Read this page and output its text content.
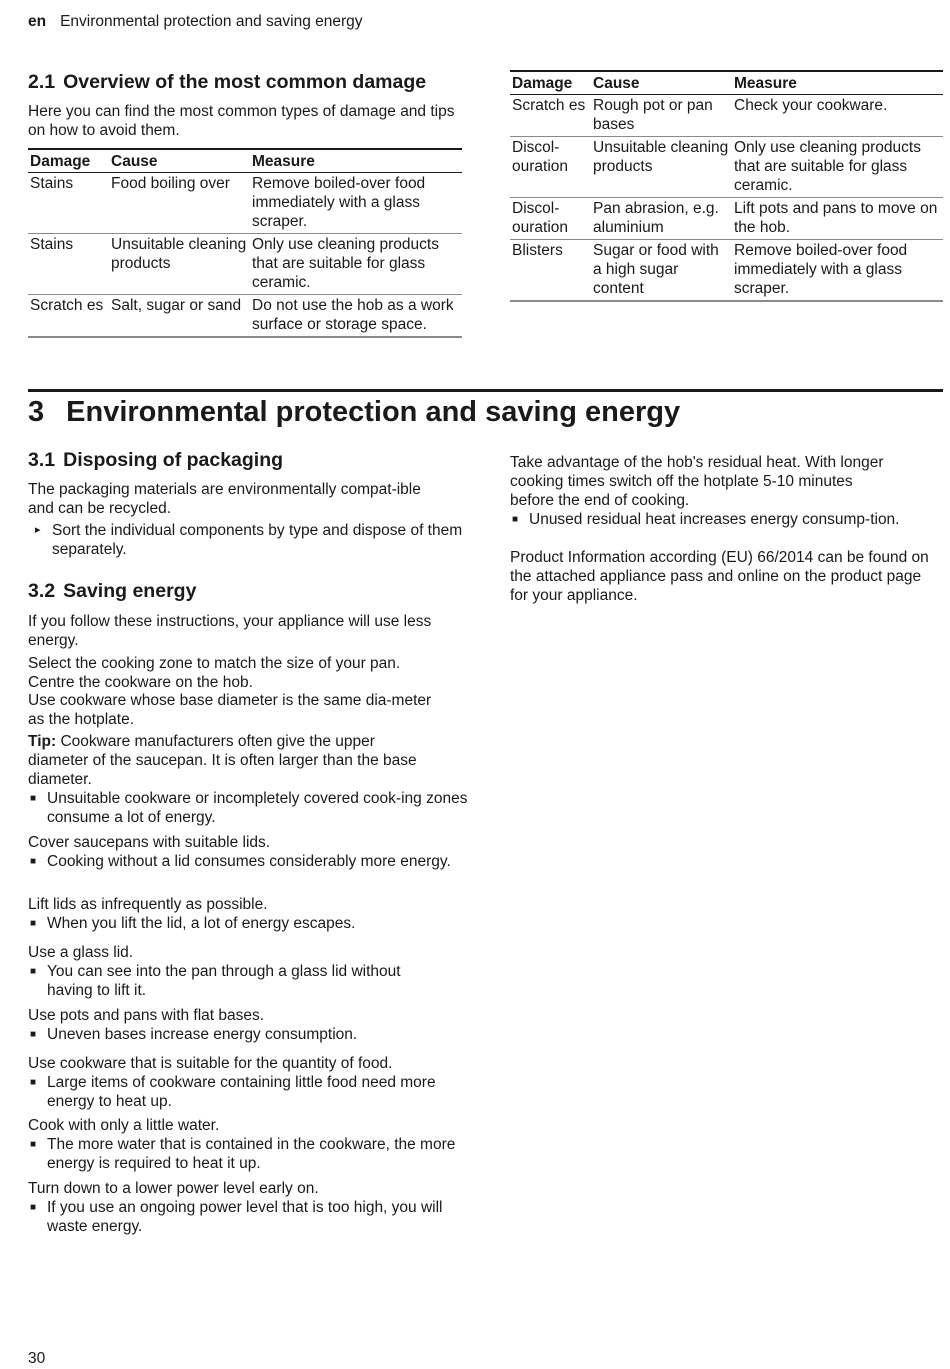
en Environmental protection and saving energy
2.1 Overview of the most common damage

Here you can find the most common types of damage and tips on how to avoid them.

Damage	Cause	Measure
Stains	Food boiling over	Remove boiled-over food immediately with a glass scraper.
Stains	Unsuitable cleaning products	Only use cleaning products that are suitable for glass ceramic.
Scratch es	Salt, sugar or sand	Do not use the hob as a work surface or storage space.
Damage	Cause	Measure
Scratch es	Rough pot or pan bases	Check your cookware.
Discol-ouration	Unsuitable cleaning products	Only use cleaning products that are suitable for glass ceramic.
Discol-ouration	Pan abrasion, e.g. aluminium	Lift pots and pans to move on the hob.
Blisters	Sugar or food with a high sugar content	Remove boiled-over food immediately with a glass scraper.
3 Environmental protection and saving energy
3.1 Disposing of packaging

The packaging materials are environmentally compat-ible and can be recycled.

▸ Sort the individual components by type and dispose of them separately.
3.2 Saving energy

If you follow these instructions, your appliance will use less energy.

Select the cooking zone to match the size of your pan. Centre the cookware on the hob.

Use cookware whose base diameter is the same dia-meter as the hotplate.

Tip: Cookware manufacturers often give the upper diameter of the saucepan. It is often larger than the base diameter.

■ Unsuitable cookware or incompletely covered cook-ing zones consume a lot of energy.

Cover saucepans with suitable lids.

■ Cooking without a lid consumes considerably more energy.

Lift lids as infrequently as possible.

■ When you lift the lid, a lot of energy escapes.

Use a glass lid.

■ You can see into the pan through a glass lid without having to lift it.

Use pots and pans with flat bases.

■ Uneven bases increase energy consumption.

Use cookware that is suitable for the quantity of food.

■ Large items of cookware containing little food need more energy to heat up.

Cook with only a little water.

■ The more water that is contained in the cookware, the more energy is required to heat it up.

Turn down to a lower power level early on.

■ If you use an ongoing power level that is too high, you will waste energy.

Take advantage of the hob's residual heat. With longer cooking times switch off the hotplate 5-10 minutes before the end of cooking.

■ Unused residual heat increases energy consump-tion.

Product Information according (EU) 66/2014 can be found on the attached appliance pass and online on the product page for your appliance.

30
